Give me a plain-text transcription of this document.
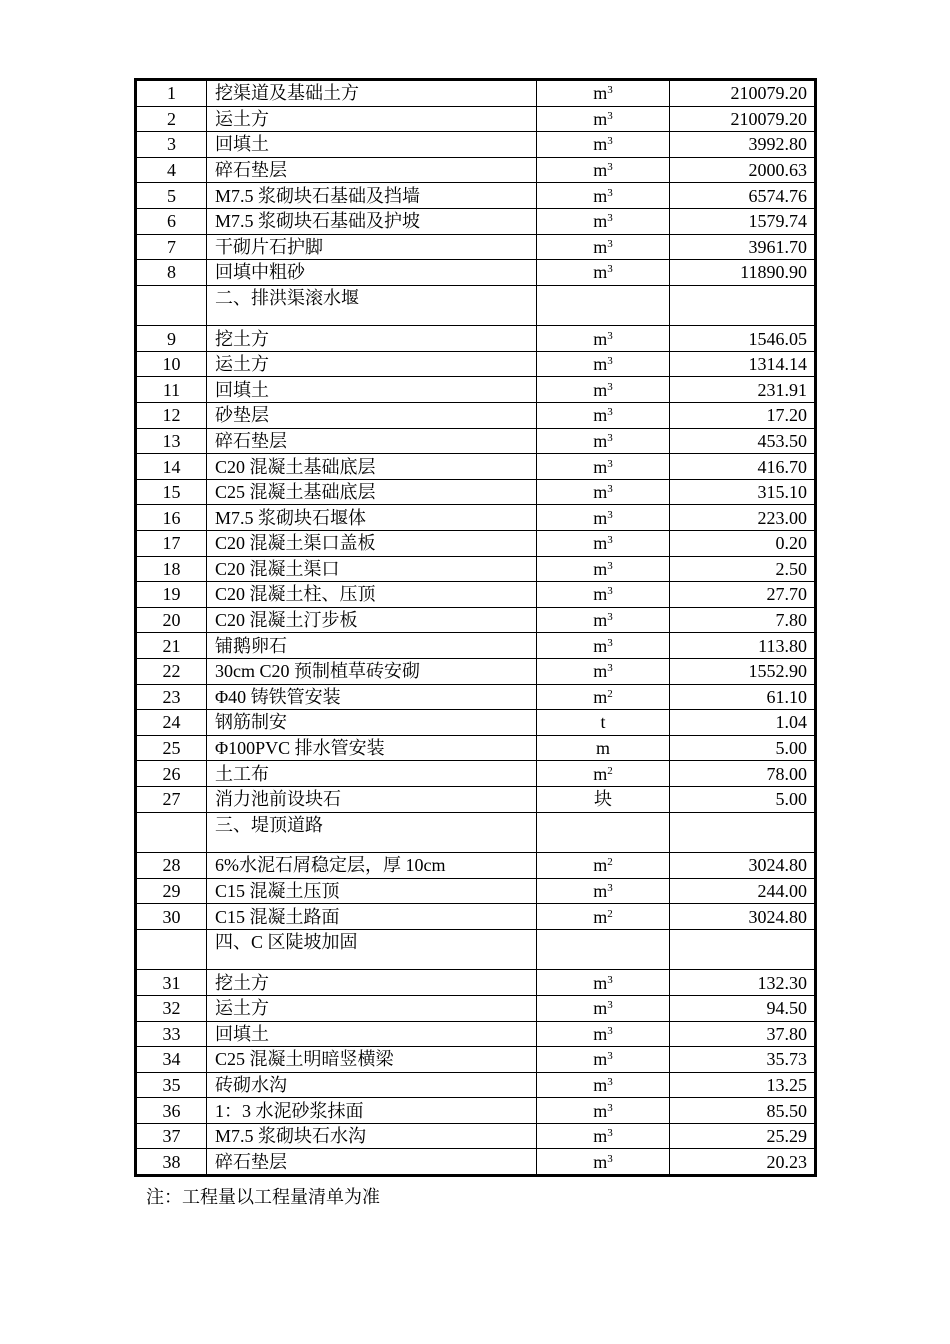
1	挖渠道及基础土方	$m^3$	210079.20
2	运土方	$m^3$	210079.20
3	回填土	$m^3$	3992.80
4	碎石垫层	$m^3$	2000.63
5	M7.5 浆砌块石基础及挡墙	$m^3$	6574.76
6	M7.5 浆砌块石基础及护坡	$m^3$	1579.74
7	干砌片石护脚	$m^3$	3961.70
8	回填中粗砂	$m^3$	11890.90
	二、排洪渠滚水堰		
9	挖土方	$m^3$	1546.05
10	运土方	$m^3$	1314.14
11	回填土	$m^3$	231.91
12	砂垫层	$m^3$	17.20
13	碎石垫层	$m^3$	453.50
14	C20 混凝土基础底层	$m^3$	416.70
15	C25 混凝土基础底层	$m^3$	315.10
16	M7.5 浆砌块石堰体	$m^3$	223.00
17	C20 混凝土渠口盖板	$m^3$	0.20
18	C20 混凝土渠口	$m^3$	2.50
19	C20 混凝土柱、压顶	$m^3$	27.70
20	C20 混凝土汀步板	$m^3$	7.80
21	铺鹅卵石	$m^3$	113.80
22	30cm C20 预制植草砖安砌	$m^3$	1552.90
23	Φ40 铸铁管安装	$m^2$	61.10
24	钢筋制安	t	1.04
25	Φ100PVC 排水管安装	m	5.00
26	土工布	$m^2$	78.00
27	消力池前设块石	块	5.00
	三、堤顶道路		
28	6%水泥石屑稳定层，厚 10cm	$m^2$	3024.80
29	C15 混凝土压顶	$m^3$	244.00
30	C15 混凝土路面	$m^2$	3024.80
	四、C 区陡坡加固		
31	挖土方	$m^3$	132.30
32	运土方	$m^3$	94.50
33	回填土	$m^3$	37.80
34	C25 混凝土明暗竖横梁	$m^3$	35.73
35	砖砌水沟	$m^3$	13.25
36	1：3 水泥砂浆抹面	$m^3$	85.50
37	M7.5 浆砌块石水沟	$m^3$	25.29
38	碎石垫层	$m^3$	20.23
注：工程量以工程量清单为准
